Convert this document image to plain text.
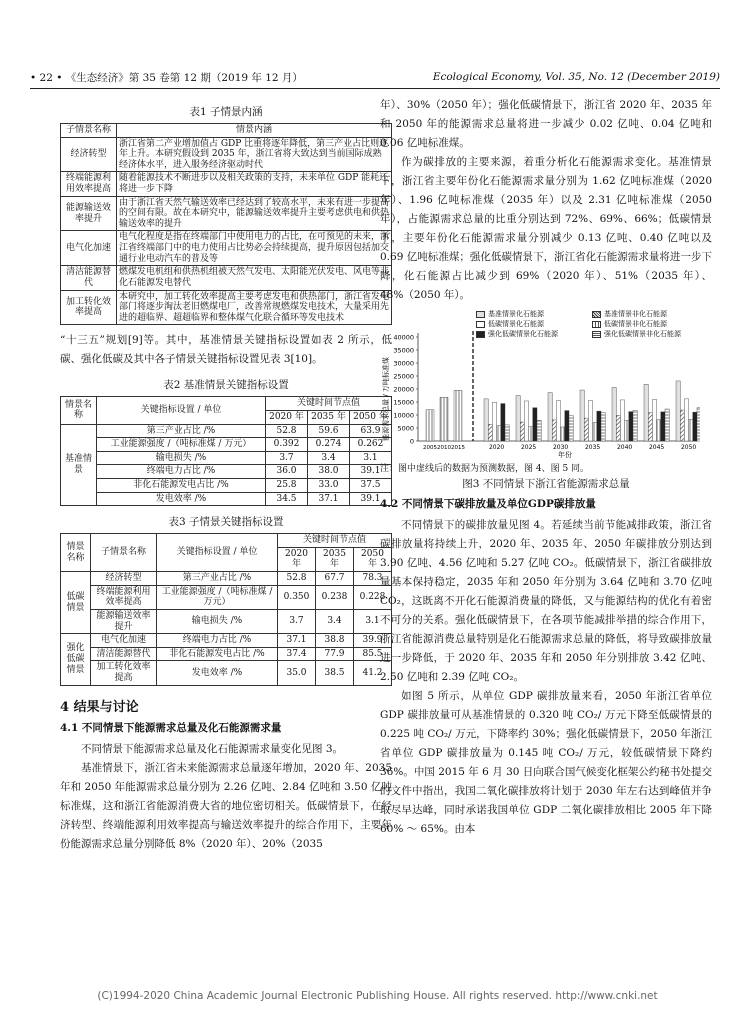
• 22 • 《生态经济》第 35 卷第 12 期（2019 年 12 月）	Ecological Economy, Vol. 35, No. 12 (December 2019)
表1 子情景内涵
子情景名称	情景内涵
经济转型	浙江省第二产业增加值占 GDP 比重将逐年降低，第三产业占比则逐年上升。本研究假设到 2035 年，浙江省将大致达到当前国际成熟经济体水平，进入服务经济驱动时代
终端能源利用效率提高	随着能源技术不断进步以及相关政策的支持，未来单位 GDP 能耗还将进一步下降
能源输送效率提升	由于浙江省天然气输送效率已经达到了较高水平，未来有进一步提高的空间有限。故在本研究中，能源输送效率提升主要考虑供电和供热输送效率的提升
电气化加速	电气化程度是指在终端部门中使用电力的占比，在可预见的未来，浙江省终端部门中的电力使用占比势必会持续提高，提升原因包括加交通行业电动汽车的普及等
清洁能源替代	燃煤发电机组和供热机组被天然气发电、太阳能光伏发电、风电等非化石能源发电替代
加工转化效率提高	本研究中，加工转化效率提高主要考虑发电和供热部门，浙江省发电部门将逐步淘汰老旧燃煤电厂，改善常规燃煤发电技术，大量采用先进的超临界、超超临界和整体煤气化联合循环等发电技术

“十三五”规划[9]等。其中，基准情景关键指标设置如表 2 所示，低碳、强化低碳及其中各子情景关键指标设置见表 3[10]。

表2 基准情景关键指标设置
情景名称	关键指标设置 / 单位	关键时间节点值		
		2020 年	2035 年	2050 年
基准情景	第三产业占比 /%	52.8	59.6	63.9
	工业能源强度 /（吨标准煤 / 万元）	0.392	0.274	0.262
	输电损失 /%	3.7	3.4	3.1
	终端电力占比 /%	36.0	38.0	39.1
	非化石能源发电占比 /%	25.8	33.0	37.5
	发电效率 /%	34.5	37.1	39.1
表3 子情景关键指标设置
情景名称	子情景名称	关键指标设置 / 单位	关键时间节点值		
			2020 年	2035 年	2050 年
低碳情景	经济转型	第三产业占比 /%	52.8	67.7	78.3
	终端能源利用效率提高	工业能源强度 /（吨标准煤 / 万元）	0.350	0.238	0.228
	能源输送效率提升	输电损失 /%	3.7	3.4	3.1
强化低碳情景	电气化加速	终端电力占比 /%	37.1	38.8	39.9
	清洁能源替代	非化石能源发电占比 /%	37.4	77.9	85.5
	加工转化效率提高	发电效率 /%	35.0	38.5	41.2
4 结果与讨论
4.1 不同情景下能源需求总量及化石能源需求量

不同情景下能源需求总量及化石能源需求量变化见图 3。

基准情景下，浙江省未来能源需求总量逐年增加，2020 年、2035 年和 2050 年能源需求总量分别为 2.26 亿吨、2.84 亿吨和 3.50 亿吨标准煤，这和浙江省能源消费大省的地位密切相关。低碳情景下，在经济转型、终端能源利用效率提高与输送效率提升的综合作用下，主要年份能源需求总量分别降低 8%（2020 年）、20%（2035

年）、30%（2050 年）；强化低碳情景下，浙江省 2020 年、2035 年和 2050 年的能源需求总量将进一步减少 0.02 亿吨、0.04 亿吨和 0.06 亿吨标准煤。

作为碳排放的主要来源，着重分析化石能源需求变化。基准情景下，浙江省主要年份化石能源需求量分别为 1.62 亿吨标准煤（2020 年）、1.96 亿吨标准煤（2035 年）以及 2.31 亿吨标准煤（2050 年），占能源需求总量的比重分别达到 72%、69%、66%；低碳情景下，主要年份化石能源需求量分别减少 0.13 亿吨、0.40 亿吨以及 0.69 亿吨标准煤；强化低碳情景下，浙江省化石能源需求量将进一步下降，化石能源占比减少到 69%（2020 年）、51%（2035 年）、48%（2050 年）。

基准情景化石能源	基准情景非化石能源
低碳情景化石能源	低碳情景非化石能源
强化低碳情景化石能源	强化低碳情景非化石能源
能源需求总量 / 万吨标准煤
年份
0
5000
10000
15000
20000
25000
30000
35000
40000
2005 2010 2015	2020	2025	2030	2035	2040	2045	2050

注：图中虚线后的数据为预测数据，图 4、图 5 同。

图3 不同情景下浙江省能源需求总量
4.2 不同情景下碳排放量及单位GDP碳排放量

不同情景下的碳排放量见图 4。若延续当前节能减排政策，浙江省碳排放量将持续上升，2020 年、2035 年、2050 年碳排放分别达到 3.90 亿吨、4.56 亿吨和 5.27 亿吨 CO₂。低碳情景下，浙江省碳排放量基本保持稳定，2035 年和 2050 年分别为 3.64 亿吨和 3.70 亿吨 CO₂，这既离不开化石能源消费量的降低，又与能源结构的优化有着密不可分的关系。强化低碳情景下，在各项节能减排举措的综合作用下，浙江省能源消费总量特别是化石能源需求总量的降低，将导致碳排放量进一步降低，于 2020 年、2035 年和 2050 年分别排放 3.42 亿吨、2.50 亿吨和 2.39 亿吨 CO₂。

如图 5 所示，从单位 GDP 碳排放量来看，2050 年浙江省单位 GDP 碳排放量可从基准情景的 0.320 吨 CO₂/ 万元下降至低碳情景的 0.225 吨 CO₂/ 万元，下降率约 30%；强化低碳情景下，2050 年浙江省单位 GDP 碳排放量为 0.145 吨 CO₂/ 万元，较低碳情景下降约 36%。中国 2015 年 6 月 30 日向联合国气候变化框架公约秘书处提交的文件中指出，我国二氧化碳排放将计划于 2030 年左右达到峰值并争取尽早达峰，同时承诺我国单位 GDP 二氧化碳排放相比 2005 年下降 60% ～ 65%。由本

(C)1994-2020 China Academic Journal Electronic Publishing House. All rights reserved. http://www.cnki.net
